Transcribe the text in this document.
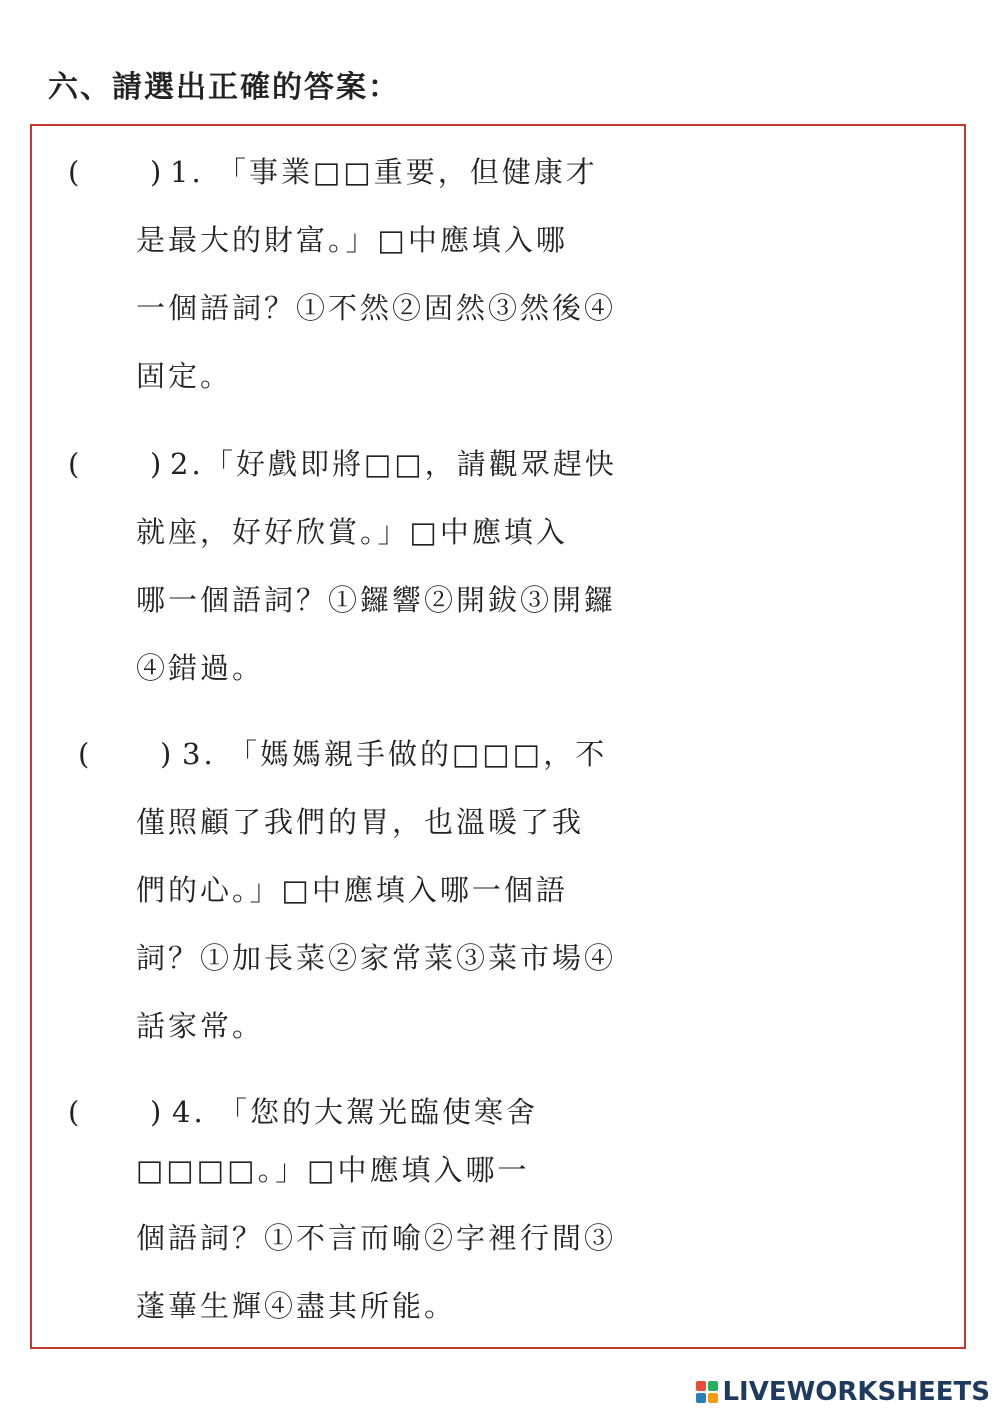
六、請選出正確的答案：
( ) 1. 「事業□□重要，但健康才
是最大的財富。」□中應填入哪
一個語詞？①不然②固然③然後④
固定。
( ) 2. 「好戲即將□□，請觀眾趕快
就座，好好欣賞。」□中應填入
哪一個語詞？①鑼響②開鈸③開鑼
④錯過。
( ) 3. 「媽媽親手做的□□□，不
僅照顧了我們的胃，也溫暖了我
們的心。」□中應填入哪一個語
詞？①加長菜②家常菜③菜市場④
話家常。
( ) 4. 「您的大駕光臨使寒舍
□□□□。」□中應填入哪一
個語詞？①不言而喻②字裡行間③
蓬蓽生輝④盡其所能。
LIVEWORKSHEETS
